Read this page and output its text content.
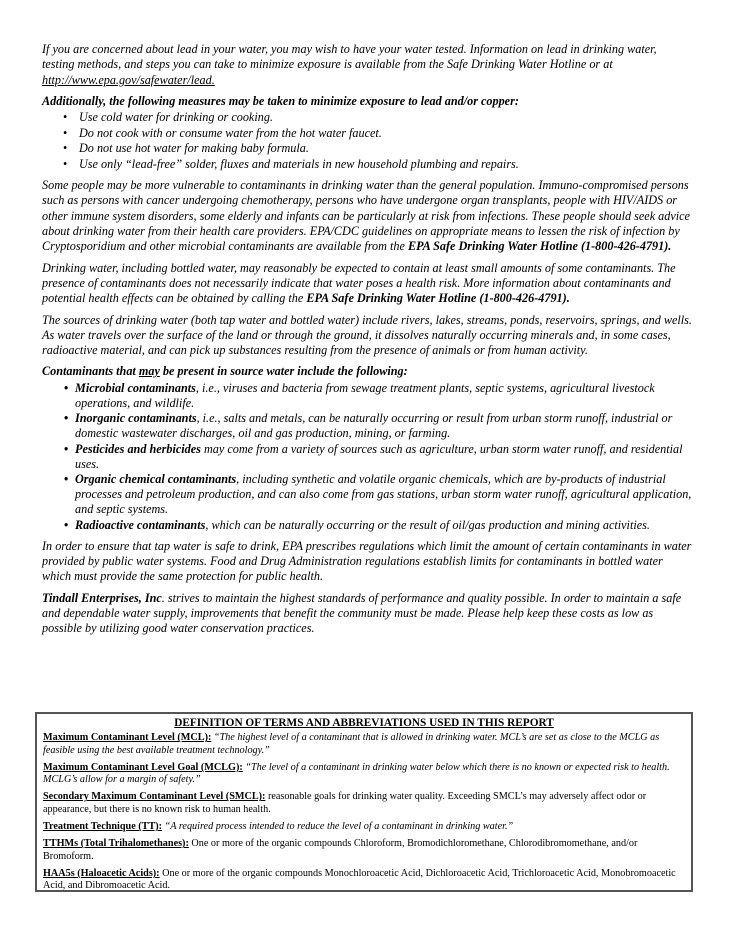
If you are concerned about lead in your water, you may wish to have your water tested. Information on lead in drinking water, testing methods, and steps you can take to minimize exposure is available from the Safe Drinking Water Hotline or at http://www.epa.gov/safewater/lead.

Additionally, the following measures may be taken to minimize exposure to lead and/or copper:
• Use cold water for drinking or cooking.
• Do not cook with or consume water from the hot water faucet.
• Do not use hot water for making baby formula.
• Use only “lead-free” solder, fluxes and materials in new household plumbing and repairs.

Some people may be more vulnerable to contaminants in drinking water than the general population. Immuno-compromised persons such as persons with cancer undergoing chemotherapy, persons who have undergone organ transplants, people with HIV/AIDS or other immune system disorders, some elderly and infants can be particularly at risk from infections. These people should seek advice about drinking water from their health care providers. EPA/CDC guidelines on appropriate means to lessen the risk of infection by Cryptosporidium and other microbial contaminants are available from the EPA Safe Drinking Water Hotline (1-800-426-4791).

Drinking water, including bottled water, may reasonably be expected to contain at least small amounts of some contaminants. The presence of contaminants does not necessarily indicate that water poses a health risk. More information about contaminants and potential health effects can be obtained by calling the EPA Safe Drinking Water Hotline (1-800-426-4791).

The sources of drinking water (both tap water and bottled water) include rivers, lakes, streams, ponds, reservoirs, springs, and wells. As water travels over the surface of the land or through the ground, it dissolves naturally occurring minerals and, in some cases, radioactive material, and can pick up substances resulting from the presence of animals or from human activity.

Contaminants that may be present in source water include the following:
• Microbial contaminants, i.e., viruses and bacteria from sewage treatment plants, septic systems, agricultural livestock operations, and wildlife.
• Inorganic contaminants, i.e., salts and metals, can be naturally occurring or result from urban storm runoff, industrial or domestic wastewater discharges, oil and gas production, mining, or farming.
• Pesticides and herbicides may come from a variety of sources such as agriculture, urban storm water runoff, and residential uses.
• Organic chemical contaminants, including synthetic and volatile organic chemicals, which are by-products of industrial processes and petroleum production, and can also come from gas stations, urban storm water runoff, agricultural application, and septic systems.
• Radioactive contaminants, which can be naturally occurring or the result of oil/gas production and mining activities.

In order to ensure that tap water is safe to drink, EPA prescribes regulations which limit the amount of certain contaminants in water provided by public water systems. Food and Drug Administration regulations establish limits for contaminants in bottled water which must provide the same protection for public health.

Tindall Enterprises, Inc. strives to maintain the highest standards of performance and quality possible. In order to maintain a safe and dependable water supply, improvements that benefit the community must be made. Please help keep these costs as low as possible by utilizing good water conservation practices.

DEFINITION OF TERMS AND ABBREVIATIONS USED IN THIS REPORT
Maximum Contaminant Level (MCL): “The highest level of a contaminant that is allowed in drinking water. MCL’s are set as close to the MCLG as feasible using the best available treatment technology.”
Maximum Contaminant Level Goal (MCLG): “The level of a contaminant in drinking water below which there is no known or expected risk to health. MCLG’s allow for a margin of safety.”
Secondary Maximum Contaminant Level (SMCL): reasonable goals for drinking water quality. Exceeding SMCL’s may adversely affect odor or appearance, but there is no known risk to human health.
Treatment Technique (TT): “A required process intended to reduce the level of a contaminant in drinking water.”
TTHMs (Total Trihalomethanes): One or more of the organic compounds Chloroform, Bromodichloromethane, Chlorodibromomethane, and/or Bromoform.
HAA5s (Haloacetic Acids): One or more of the organic compounds Monochloroacetic Acid, Dichloroacetic Acid, Trichloroacetic Acid, Monobromoacetic Acid, and Dibromoacetic Acid.
